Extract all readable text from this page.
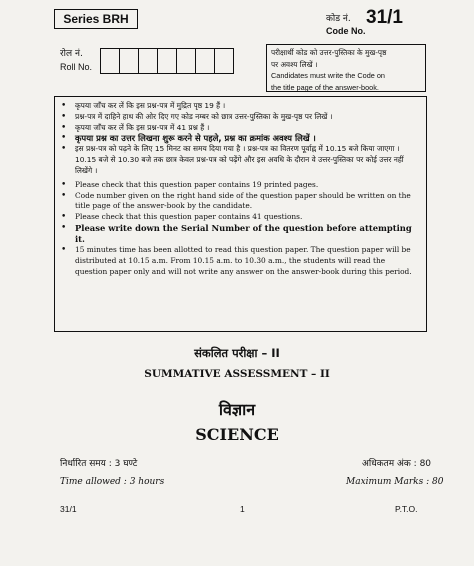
Series BRH	कोड नं.
Code No.
31/1
रोल नं.
Roll No.
परीक्षार्थी कोड को उत्तर-पुस्तिका के मुख-पृष्ठ
पर अवश्य लिखें ।
Candidates must write the Code on
the title page of the answer-book.
•	कृपया जाँच कर लें कि इस प्रश्न-पत्र में मुद्रित पृष्ठ 19 हैं ।
•	प्रश्न-पत्र में दाहिने हाथ की ओर दिए गए कोड नम्बर को छात्र उत्तर-पुस्तिका के मुख-पृष्ठ पर लिखें ।
•	कृपया जाँच कर लें कि इस प्रश्न-पत्र में 41 प्रश्न हैं ।
•	कृपया प्रश्न का उत्तर लिखना शुरू करने से पहले, प्रश्न का क्रमांक अवश्य लिखें ।
•	इस प्रश्न-पत्र को पढ़ने के लिए 15 मिनट का समय दिया गया है । प्रश्न-पत्र का वितरण पूर्वाह्न में 10.15 बजे किया जाएगा । 10.15 बजे से 10.30 बजे तक छात्र केवल प्रश्न-पत्र को पढ़ेंगे और इस अवधि के दौरान वे उत्तर-पुस्तिका पर कोई उत्तर नहीं लिखेंगे ।
•	Please check that this question paper contains 19 printed pages.
•	Code number given on the right hand side of the question paper should be written on the title page of the answer-book by the candidate.
•	Please check that this question paper contains 41 questions.
•	Please write down the Serial Number of the question before attempting it.
•	15 minutes time has been allotted to read this question paper. The question paper will be distributed at 10.15 a.m. From 10.15 a.m. to 10.30 a.m., the students will read the question paper only and will not write any answer on the answer-book during this period.
संकलित परीक्षा – II
SUMMATIVE ASSESSMENT – II
विज्ञान
SCIENCE
निर्धारित समय : 3 घण्टे	अधिकतम अंक : 80
Time allowed : 3 hours	Maximum Marks : 80
31/1	1	P.T.O.
